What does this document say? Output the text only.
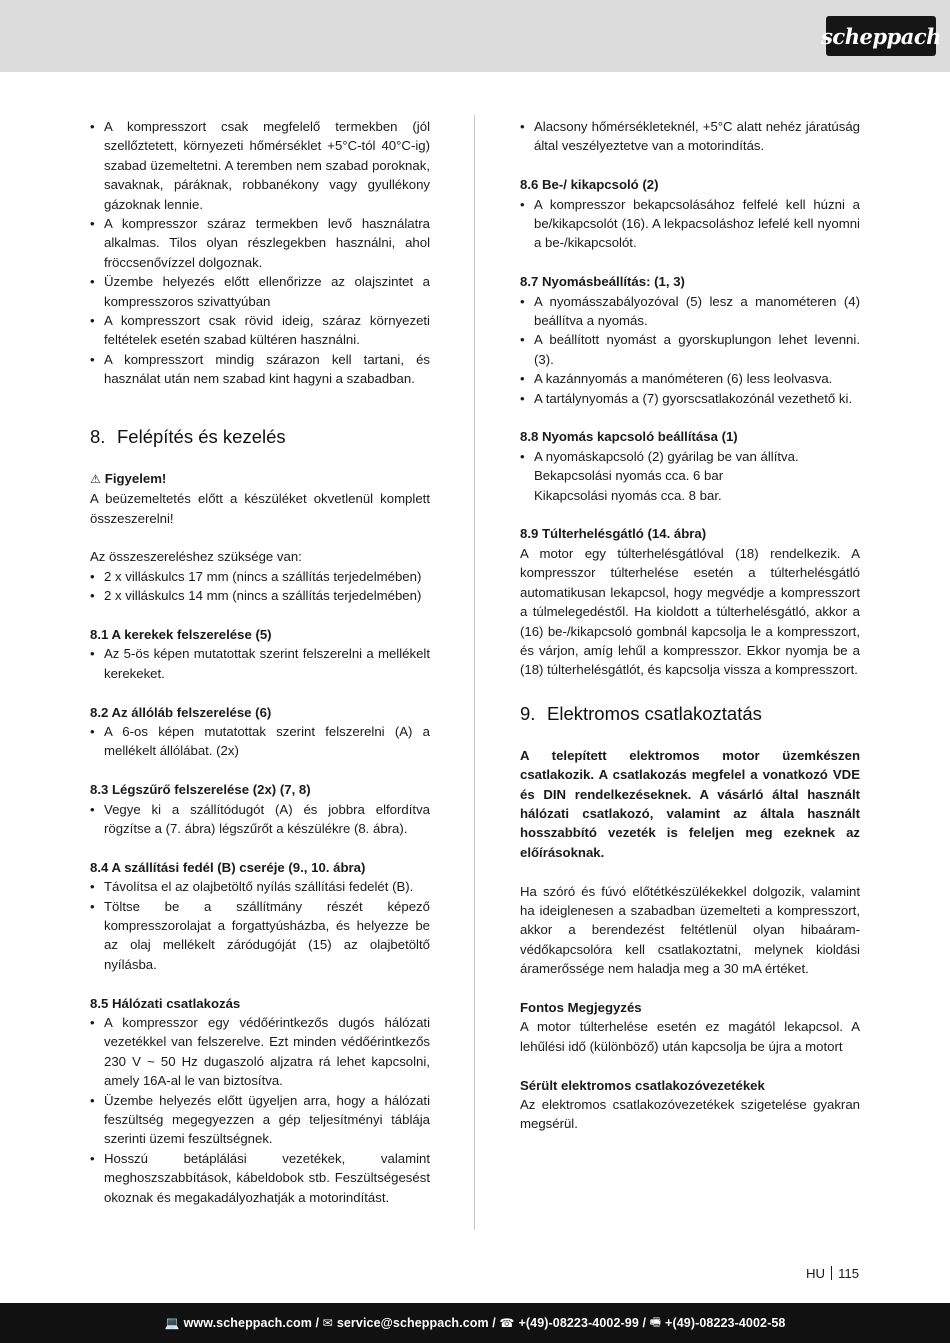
scheppach
• A kompresszort csak megfelelő termekben (jól szellőztetett, környezeti hőmérséklet +5°C-tól 40°C-ig) szabad üzemeltetni. A teremben nem szabad poroknak, savaknak, páráknak, robbanékony vagy gyullékony gázoknak lennie.
• A kompresszor száraz termekben levő használatra alkalmas. Tilos olyan részlegekben használni, ahol fröccsenővízzel dolgoznak.
• Üzembe helyezés előtt ellenőrizze az olajszintet a kompresszoros szivattyúban
• A kompresszort csak rövid ideig, száraz környezeti feltételek esetén szabad kültéren használni.
• A kompresszort mindig szárazon kell tartani, és használat után nem szabad kint hagyni a szabadban.
8. Felépítés és kezelés
⚠ Figyelem!
A beüzemeltetés előtt a készüléket okvetlenül komplett összeszerelni!
Az összeszereléshez szüksége van:
• 2 x villáskulcs 17 mm (nincs a szállítás terjedelmében)
• 2 x villáskulcs 14 mm (nincs a szállítás terjedelmében)
8.1 A kerekek felszerelése (5)
• Az 5-ös képen mutatottak szerint felszerelni a mellékelt kerekeket.
8.2 Az állóláb felszerelése (6)
• A 6-os képen mutatottak szerint felszerelni (A) a mellékelt állólábat. (2x)
8.3 Légszűrő felszerelése (2x) (7, 8)
• Vegye ki a szállítódugót (A) és jobbra elfordítva rögzítse a (7. ábra) légszűrőt a készülékre (8. ábra).
8.4 A szállítási fedél (B) cseréje (9., 10. ábra)
• Távolítsa el az olajbetöltő nyílás szállítási fedelét (B).
• Töltse be a szállítmány részét képező kompresszorolajat a forgattyúsházba, és helyezze be az olaj mellékelt záródugóját (15) az olajbetöltő nyílásba.
8.5 Hálózati csatlakozás
• A kompresszor egy védőérintkezős dugós hálózati vezetékkel van felszerelve. Ezt minden védőérintkezős 230 V ~ 50 Hz dugaszoló aljzatra rá lehet kapcsolni, amely 16A-al le van biztosítva.
• Üzembe helyezés előtt ügyeljen arra, hogy a hálózati feszültség megegyezzen a gép teljesítményi táblája szerinti üzemi feszültségnek.
• Hosszú betáplálási vezetékek, valamint meghoszszabbítások, kábeldobok stb. Feszültségesést okoznak és megakadályozhatják a motorindítást.
• Alacsony hőmérsékleteknél, +5°C alatt nehéz járatúság által veszélyeztetve van a motorindítás.
8.6 Be-/ kikapcsoló (2)
• A kompresszor bekapcsolásához felfelé kell húzni a be/kikapcsolót (16). A lekpacsoláshoz lefelé kell nyomni a be-/kikapcsolót.
8.7 Nyomásbeállítás: (1, 3)
• A nyomásszabályozóval (5) lesz a manométeren (4) beállítva a nyomás.
• A beállított nyomást a gyorskuplungon lehet levenni. (3).
• A kazánnyomás a manóméteren (6) less leolvasva.
• A tartálynyomás a (7) gyorscsatlakozónál vezethető ki.
8.8 Nyomás kapcsoló beállítása (1)
• A nyomáskapcsoló (2) gyárilag be van állítva.
Bekapcsolási nyomás cca. 6 bar
Kikapcsolási nyomás cca. 8 bar.
8.9 Túlterhelésgátló (14. ábra)
A motor egy túlterhelésgátlóval (18) rendelkezik. A kompresszor túlterhelése esetén a túlterhelésgátló automatikusan lekapcsol, hogy megvédje a kompresszort a túlmelegedéstől. Ha kioldott a túlterhelésgátló, akkor a (16) be-/kikapcsoló gombnál kapcsolja le a kompresszort, és várjon, amíg lehűl a kompresszor. Ekkor nyomja be a (18) túlterhelésgátlót, és kapcsolja vissza a kompresszort.
9. Elektromos csatlakoztatás
A telepített elektromos motor üzemkészen csatlakozik. A csatlakozás megfelel a vonatkozó VDE és DIN rendelkezéseknek. A vásárló által használt hálózati csatlakozó, valamint az általa használt hosszabbító vezeték is feleljen meg ezeknek az előírásoknak.
Ha szóró és fúvó előtétkészülékekkel dolgozik, valamint ha ideiglenesen a szabadban üzemelteti a kompresszort, akkor a berendezést feltétlenül olyan hibaáram-védőkapcsolóra kell csatlakoztatni, melynek kioldási áramerőssége nem haladja meg a 30 mA értéket.
Fontos Megjegyzés
A motor túlterhelése esetén ez magától lekapcsol. A lehűlési idő (különböző) után kapcsolja be újra a motort
Sérült elektromos csatlakozóvezetékek
Az elektromos csatlakozóvezetékek szigetelése gyakran megsérül.
HU 115
💻 www.scheppach.com /
✉ service@scheppach.com /
☎ +(49)-08223-4002-99 /
🖷 +(49)-08223-4002-58
